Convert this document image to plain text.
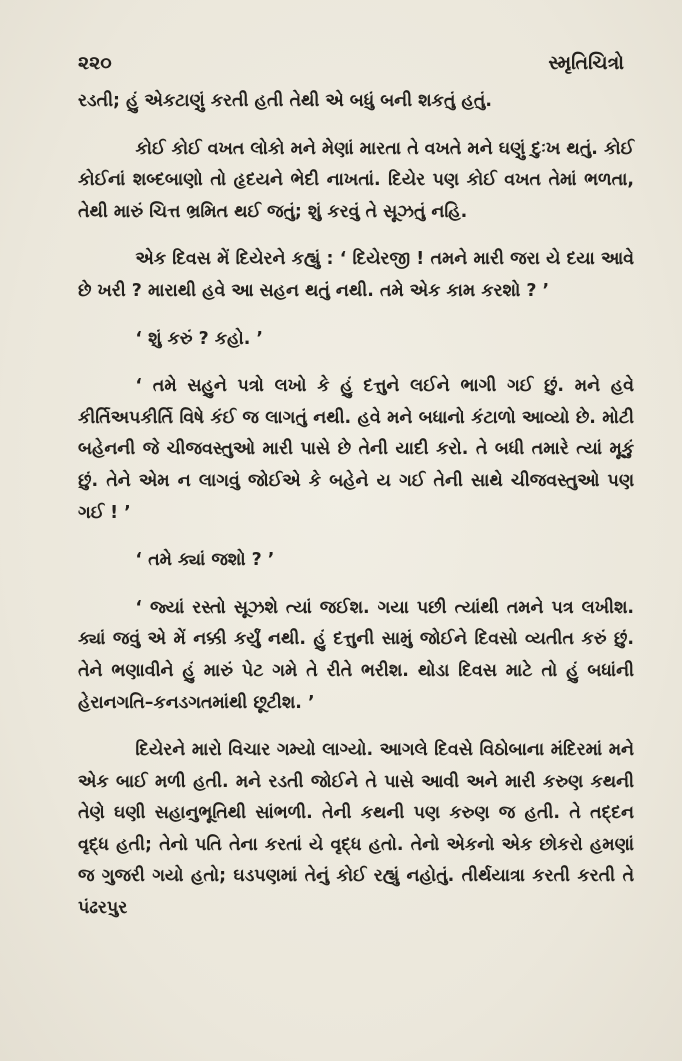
૨૨૦	સ્મૃતિચિત્રો

રડતી; હું એકટાણું કરતી હતી તેથી એ બધું બની શકતું હતું.

કોઈ કોઈ વખત લોકો મને મેણાં મારતા તે વખતે મને ઘણું દુઃખ થતું. કોઈ કોઈનાં શબ્દબાણો તો હૃદયને ભેદી નાખતાં. દિયેર પણ કોઈ વખત તેમાં ભળતા, તેથી મારું ચિત્ત ભ્રમિત થઈ જતું; શું કરવું તે સૂઝતું નહિ.

એક દિવસ મેં દિયેરને કહ્યું : ‘ દિયેરજી ! તમને મારી જરા યે દયા આવે છે ખરી ? મારાથી હવે આ સહન થતું નથી. તમે એક કામ કરશો ? ’

‘ શું કરું ? કહો. ’

‘ તમે સહુને પત્રો લખો કે હું દત્તુને લઈને ભાગી ગઈ છું. મને હવે કીર્તિઅપકીર્તિ વિષે કંઈ જ લાગતું નથી. હવે મને બધાનો કંટાળો આવ્યો છે. મોટી બહેનની જે ચીજવસ્તુઓ મારી પાસે છે તેની યાદી કરો. તે બધી તમારે ત્યાં મૂકું છું. તેને એમ ન લાગવું જોઈએ કે બહેને ય ગઈ તેની સાથે ચીજવસ્તુઓ પણ ગઈ ! ’

‘ તમે ક્યાં જશો ? ’

‘ જ્યાં રસ્તો સૂઝશે ત્યાં જઈશ. ગયા પછી ત્યાંથી તમને પત્ર લખીશ. ક્યાં જવું એ મેં નક્કી કર્યું નથી. હું દત્તુની સામું જોઈને દિવસો વ્યતીત કરું છું. તેને ભણાવીને હું મારું પેટ ગમે તે રીતે ભરીશ. થોડા દિવસ માટે તો હું બધાંની હેરાનગતિ–કનડગતમાંથી છૂટીશ. ’

દિયેરને મારો વિચાર ગમ્યો લાગ્યો. આગલે દિવસે વિઠોબાના મંદિરમાં મને એક બાઈ મળી હતી. મને રડતી જોઈને તે પાસે આવી અને મારી કરુણ કથની તેણે ઘણી સહાનુભૂતિથી સાંભળી. તેની કથની પણ કરુણ જ હતી. તે તદ્દન વૃદ્ધ હતી; તેનો પતિ તેના કરતાં યે વૃદ્ધ હતો. તેનો એકનો એક છોકરો હમણાં જ ગુજરી ગયો હતો; ઘડપણમાં તેનું કોઈ રહ્યું નહોતું. તીર્થયાત્રા કરતી કરતી તે પંઢરપુર
